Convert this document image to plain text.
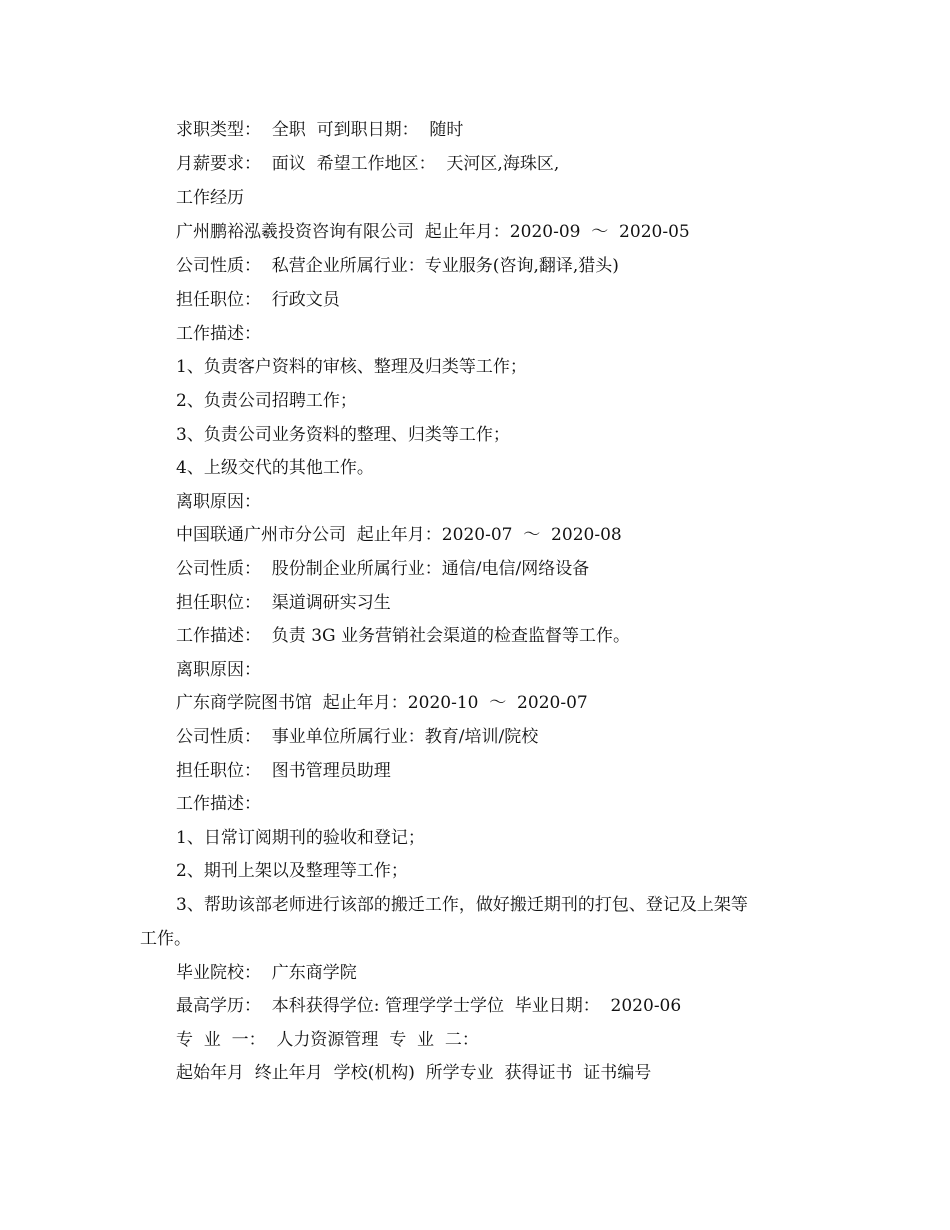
求职类型：  全职  可到职日期：  随时
月薪要求：  面议  希望工作地区：  天河区,海珠区,
工作经历
广州鹏裕泓羲投资咨询有限公司  起止年月：2020-09  ～  2020-05
公司性质：  私营企业所属行业：专业服务(咨询,翻译,猎头)
担任职位：  行政文员
工作描述：
1、负责客户资料的审核、整理及归类等工作；
2、负责公司招聘工作；
3、负责公司业务资料的整理、归类等工作；
4、上级交代的其他工作。
离职原因：
中国联通广州市分公司  起止年月：2020-07  ～  2020-08
公司性质：  股份制企业所属行业：通信/电信/网络设备
担任职位：  渠道调研实习生
工作描述：  负责 3G 业务营销社会渠道的检查监督等工作。
离职原因：
广东商学院图书馆  起止年月：2020-10  ～  2020-07
公司性质：  事业单位所属行业：教育/培训/院校
担任职位：  图书管理员助理
工作描述：
1、日常订阅期刊的验收和登记；
2、期刊上架以及整理等工作；
3、帮助该部老师进行该部的搬迁工作，做好搬迁期刊的打包、登记及上架等
工作。
毕业院校：  广东商学院
最高学历：  本科获得学位: 管理学学士学位  毕业日期：  2020-06
专  业  一：  人力资源管理  专  业  二：
起始年月  终止年月  学校(机构)  所学专业  获得证书  证书编号
